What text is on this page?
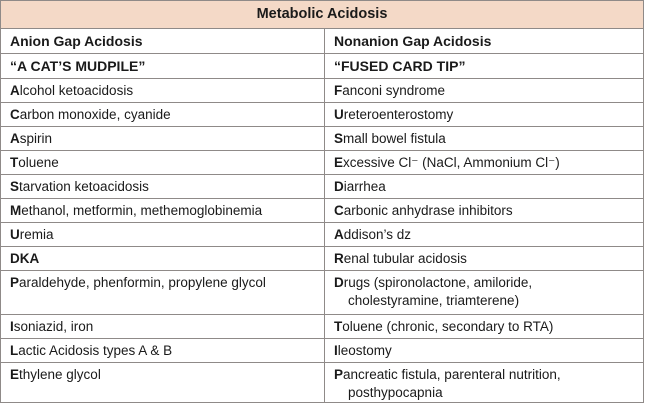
Metabolic Acidosis
Anion Gap Acidosis	Nonanion Gap Acidosis
“A CAT’S MUDPILE”	“FUSED CARD TIP”
Alcohol ketoacidosis	Fanconi syndrome
Carbon monoxide, cyanide	Ureteroenterostomy
Aspirin	Small bowel fistula
Toluene	Excessive Cl⁻ (NaCl, Ammonium Cl⁻)
Starvation ketoacidosis	Diarrhea
Methanol, metformin, methemoglobinemia	Carbonic anhydrase inhibitors
Uremia	Addison’s dz
DKA	Renal tubular acidosis
Paraldehyde, phenformin, propylene glycol	Drugs (spironolactone, amiloride,
cholestyramine, triamterene)
Isoniazid, iron	Toluene (chronic, secondary to RTA)
Lactic Acidosis types A & B	Ileostomy
Ethylene glycol	Pancreatic fistula, parenteral nutrition,
posthypocapnia
